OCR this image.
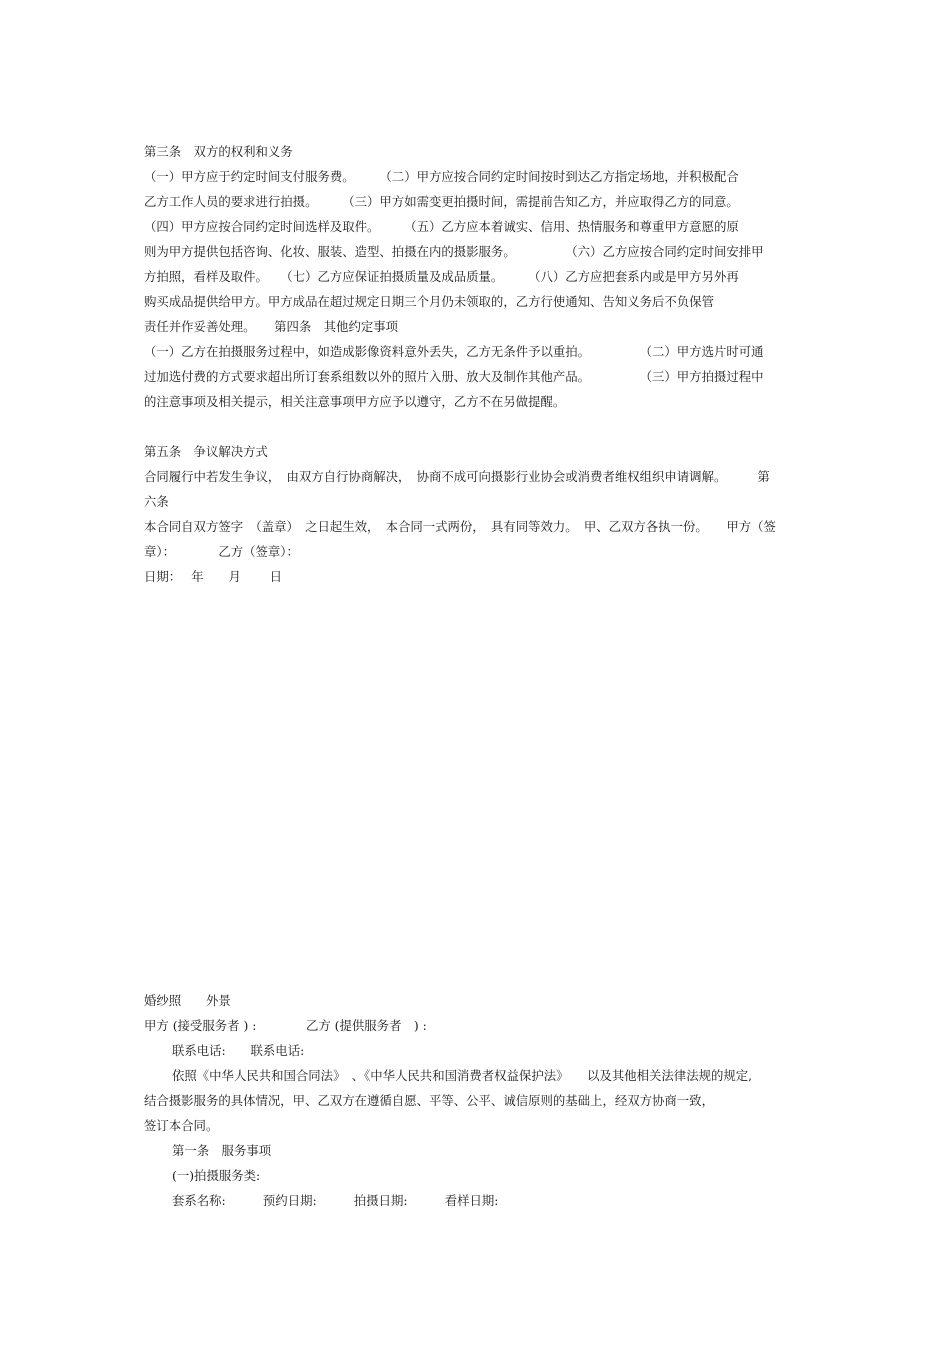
第三条　双方的权利和义务
（一）甲方应于约定时间支付服务费。　　　（二）甲方应按合同约定时间按时到达乙方指定场地，并积极配合
乙方工作人员的要求进行拍摄。　　　（三）甲方如需变更拍摄时间，需提前告知乙方，并应取得乙方的同意。
（四）甲方应按合同约定时间选样及取件。　　　（五）乙方应本着诚实、信用、热情服务和尊重甲方意愿的原
则为甲方提供包括咨询、化妆、服装、造型、拍摄在内的摄影服务。　　　　　（六）乙方应按合同约定时间安排甲
方拍照，看样及取件。　　（七）乙方应保证拍摄质量及成品质量。　　　（八）乙方应把套系内或是甲方另外再
购买成品提供给甲方。甲方成品在超过规定日期三个月仍未领取的，乙方行使通知、告知义务后不负保管
责任并作妥善处理。　　第四条　其他约定事项
（一）乙方在拍摄服务过程中，如造成影像资料意外丢失，乙方无条件予以重拍。　　　　　（二）甲方选片时可通
过加选付费的方式要求超出所订套系组数以外的照片入册、放大及制作其他产品。　　　　　（三）甲方拍摄过程中
的注意事项及相关提示，相关注意事项甲方应予以遵守，乙方不在另做提醒。
第五条　争议解决方式
合同履行中若发生争议，　由双方自行协商解决，　协商不成可向摄影行业协会或消费者维权组织申请调解。　　　第
六条
本合同自双方签字　（盖章）　之日起生效，　本合同一式两份，　具有同等效力。　甲、乙双方各执一份。　　甲方（签
章）：　　　　乙方（签章）：
日期：　 年　　月　　 日
婚纱照　　外景
甲方 (接受服务者 ) :　　　　乙方 (提供服务者　) :
联系电话:　　联系电话:
依照《中华人民共和国合同法》　、《中华人民共和国消费者权益保护法》　　以及其他相关法律法规的规定,
结合摄影服务的具体情况，甲、乙双方在遵循自愿、平等、公平、诚信原则的基础上，经双方协商一致，
签订本合同。
第一条　服务事项
(一)拍摄服务类:
套系名称:　　　预约日期:　　　拍摄日期:　　　看样日期:
